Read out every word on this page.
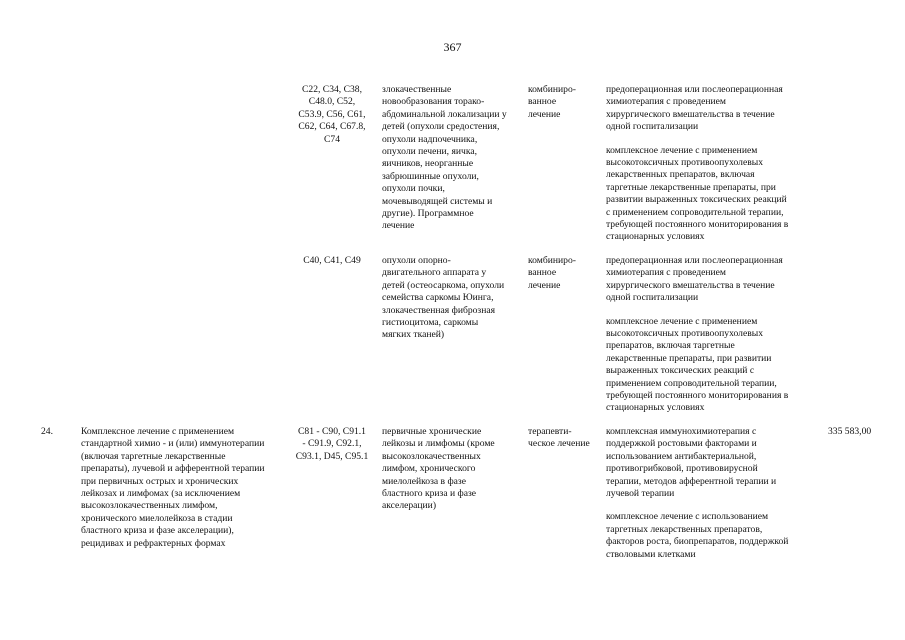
367
C22, C34, C38,
C48.0, C52,
C53.9, C56, C61,
C62, C64, C67.8,
C74
злокачественные
новообразования торако-
абдоминальной локализации у
детей (опухоли средостения,
опухоли надпочечника,
опухоли печени, яичка,
яичников, неорганные
забрюшинные опухоли,
опухоли почки,
мочевыводящей системы и
другие). Программное
лечение
комбиниро-
ванное
лечение
предоперационная или послеоперационная
химиотерапия с проведением
хирургического вмешательства в течение
одной госпитализации
комплексное лечение с применением
высокотоксичных противоопухолевых
лекарственных препаратов, включая
таргетные лекарственные препараты, при
развитии выраженных токсических реакций
с применением сопроводительной терапии,
требующей постоянного мониторирования в
стационарных условиях
C40, C41, C49	опухоли опорно-
двигательного аппарата у
детей (остеосаркома, опухоли
семейства саркомы Юинга,
злокачественная фиброзная
гистиоцитома, саркомы
мягких тканей)
комбиниро-
ванное
лечение
предоперационная или послеоперационная
химиотерапия с проведением
хирургического вмешательства в течение
одной госпитализации
комплексное лечение с применением
высокотоксичных противоопухолевых
препаратов, включая таргетные
лекарственные препараты, при развитии
выраженных токсических реакций с
применением сопроводительной терапии,
требующей постоянного мониторирования в
стационарных условиях
24.	Комплексное лечение с применением
стандартной химио - и (или) иммунотерапии
(включая таргетные лекарственные
препараты), лучевой и афферентной терапии
при первичных острых и хронических
лейкозах и лимфомах (за исключением
высокозлокачественных лимфом,
хронического миелолейкоза в стадии
бластного криза и фазе акселерации),
рецидивах и рефрактерных формах
C81 - C90, C91.1
- C91.9, C92.1,
C93.1, D45, C95.1
первичные хронические
лейкозы и лимфомы (кроме
высокозлокачественных
лимфом, хронического
миелолейкоза в фазе
бластного криза и фазе
акселерации)
терапевти-
ческое лечение
комплексная иммунохимиотерапия с
поддержкой ростовыми факторами и
использованием антибактериальной,
противогрибковой, противовирусной
терапии, методов афферентной терапии и
лучевой терапии
комплексное лечение с использованием
таргетных лекарственных препаратов,
факторов роста, биопрепаратов, поддержкой
стволовыми клетками
335 583,00
